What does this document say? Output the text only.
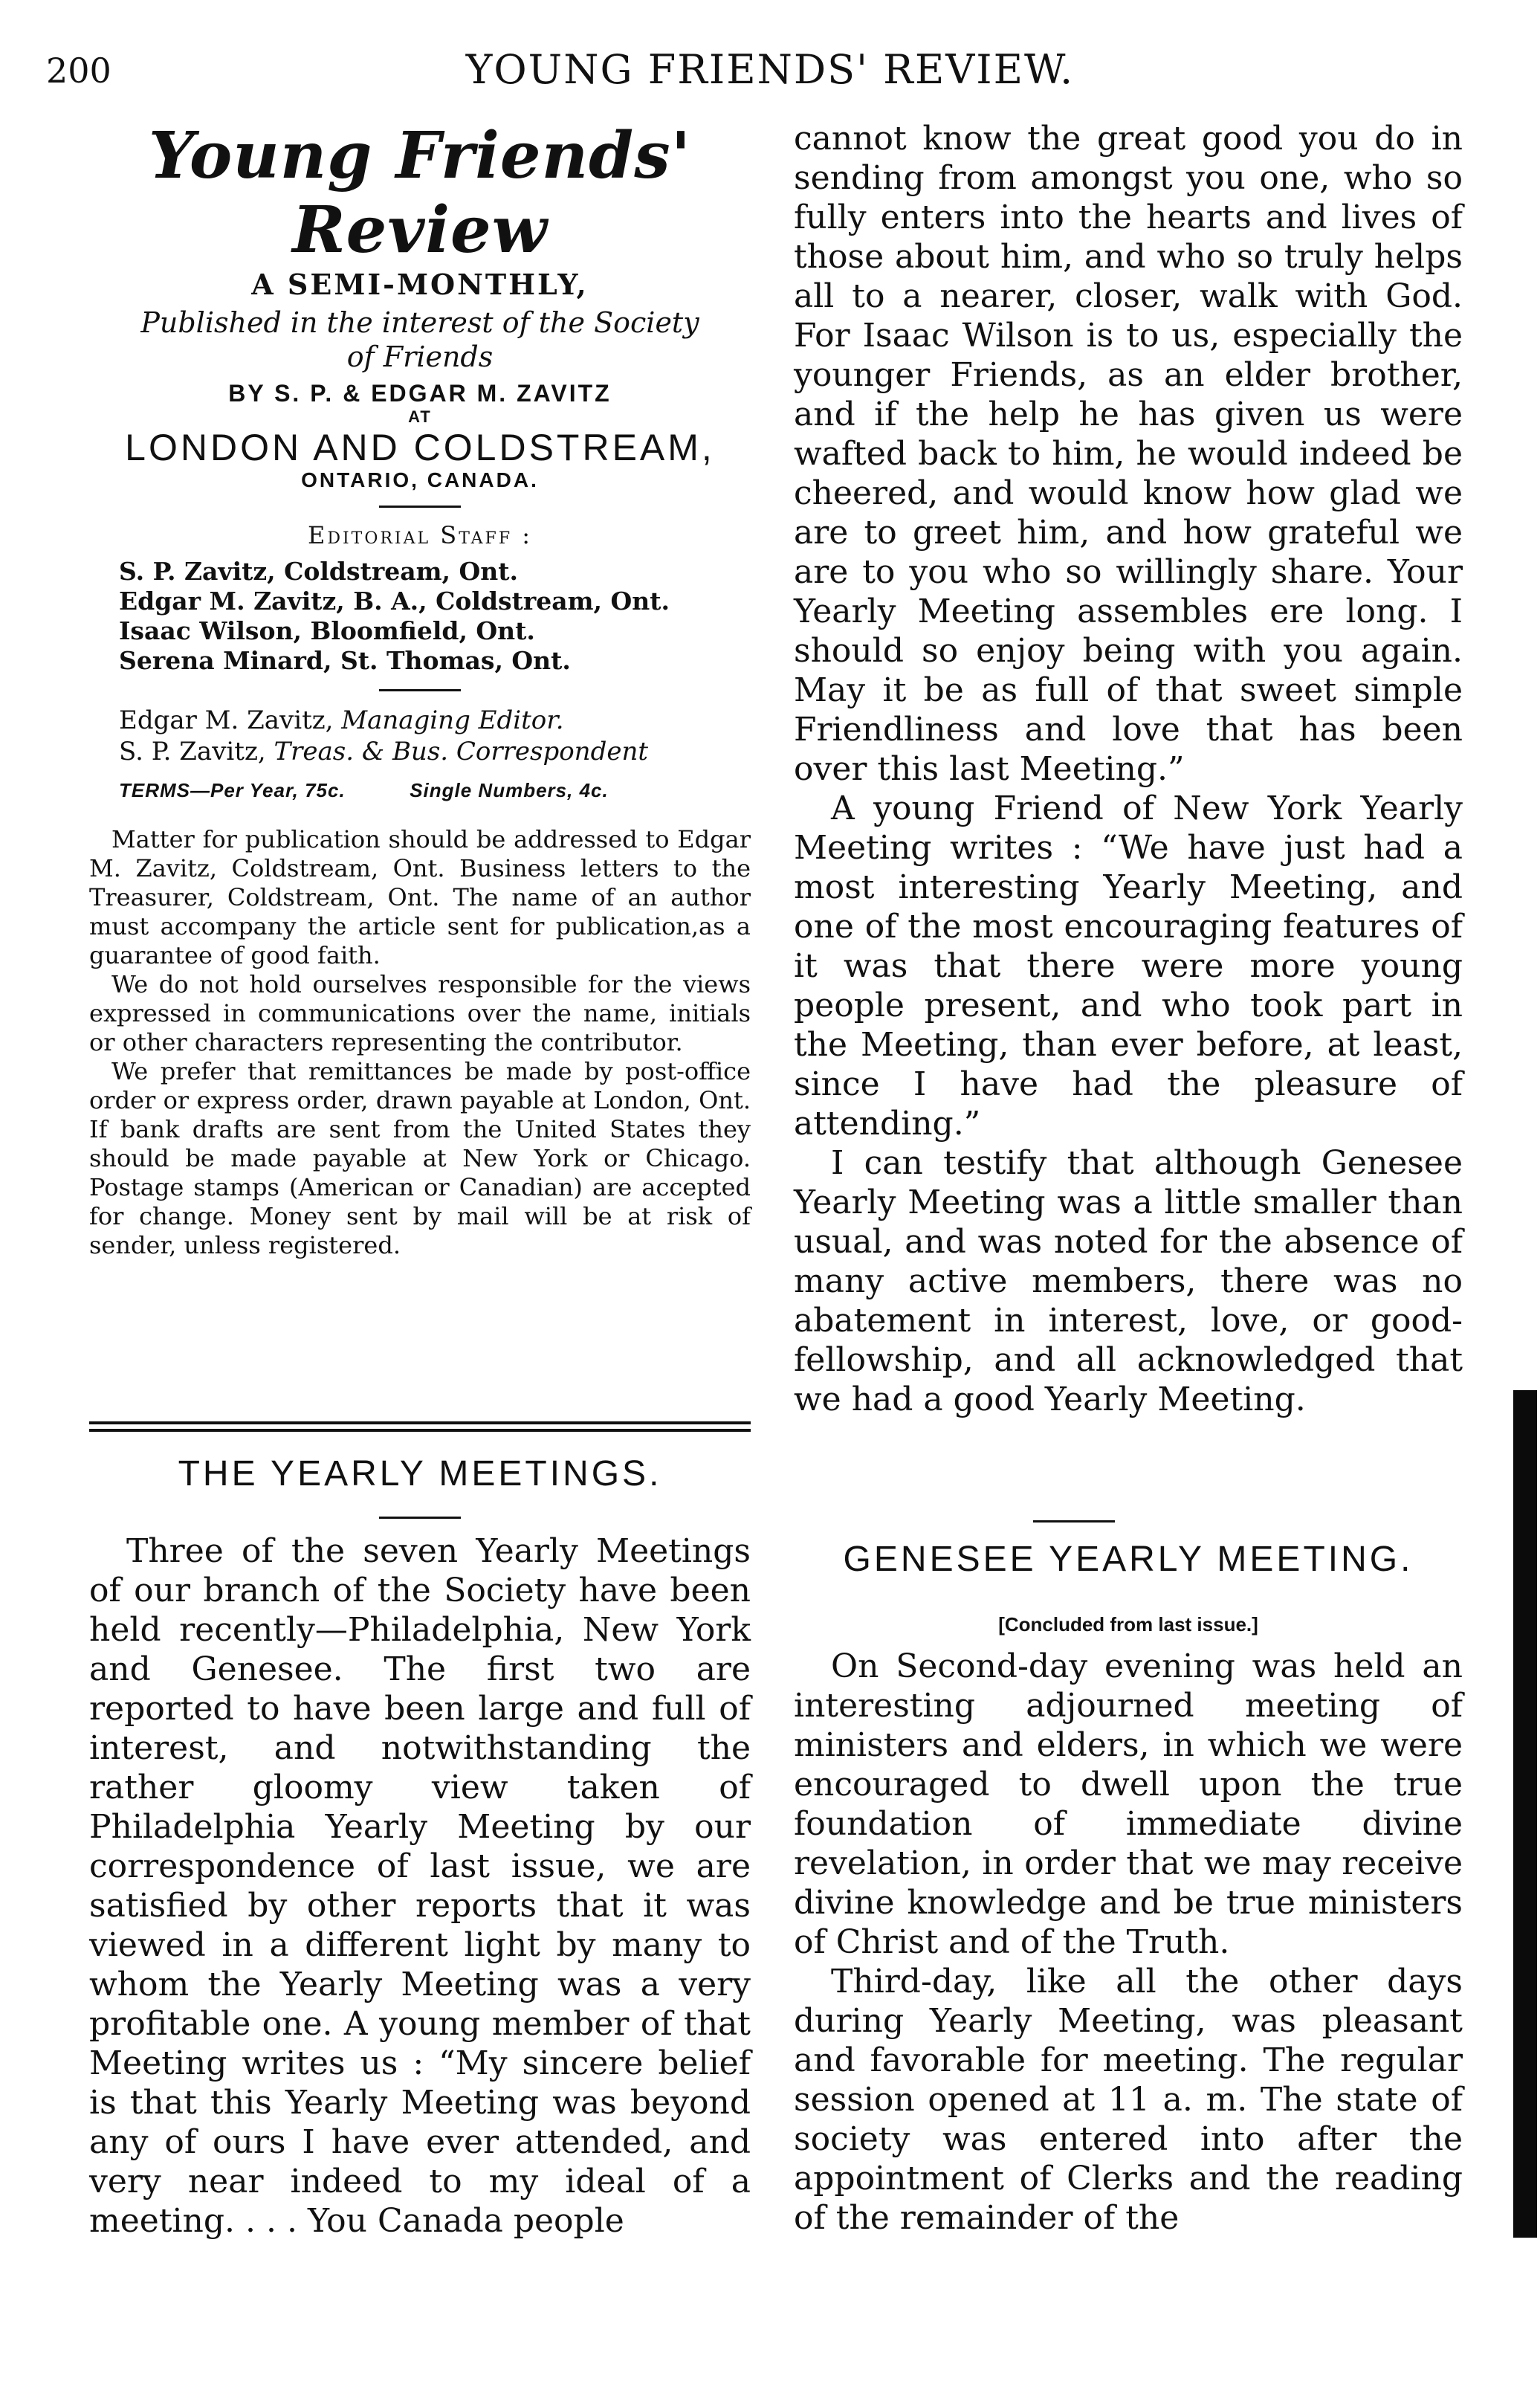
200	YOUNG FRIENDS' REVIEW.
Young Friends' Review
A SEMI-MONTHLY,
Published in the interest of the Society
of Friends
BY S. P. & EDGAR M. ZAVITZ
AT
LONDON AND COLDSTREAM,
ONTARIO, CANADA.
Editorial Staff :
S. P. Zavitz, Coldstream, Ont.
Edgar M. Zavitz, B. A., Coldstream, Ont.
Isaac Wilson, Bloomfield, Ont.
Serena Minard, St. Thomas, Ont.
Edgar M. Zavitz, Managing Editor.
S. P. Zavitz, Treas. & Bus. Correspondent
TERMS—Per Year, 75c.	Single Numbers, 4c.

Matter for publication should be addressed to Edgar M. Zavitz, Coldstream, Ont. Business letters to the Treasurer, Coldstream, Ont. The name of an author must accompany the article sent for publication,as a guarantee of good faith.

We do not hold ourselves responsible for the views expressed in communications over the name, initials or other characters representing the contributor.

We prefer that remittances be made by post-office order or express order, drawn payable at London, Ont. If bank drafts are sent from the United States they should be made payable at New York or Chicago. Postage stamps (American or Canadian) are accepted for change. Money sent by mail will be at risk of sender, unless registered.

THE YEARLY MEETINGS.

Three of the seven Yearly Meetings of our branch of the Society have been held recently—Philadelphia, New York and Genesee. The first two are reported to have been large and full of interest, and notwithstanding the rather gloomy view taken of Philadelphia Yearly Meeting by our correspondence of last issue, we are satisfied by other reports that it was viewed in a different light by many to whom the Yearly Meeting was a very profitable one. A young member of that Meeting writes us : “My sincere belief is that this Yearly Meeting was beyond any of ours I have ever attended, and very near indeed to my ideal of a meeting. . . . You Canada people

cannot know the great good you do in sending from amongst you one, who so fully enters into the hearts and lives of those about him, and who so truly helps all to a nearer, closer, walk with God. For Isaac Wilson is to us, especially the younger Friends, as an elder brother, and if the help he has given us were wafted back to him, he would indeed be cheered, and would know how glad we are to greet him, and how grateful we are to you who so willingly share. Your Yearly Meeting assembles ere long. I should so enjoy being with you again. May it be as full of that sweet simple Friendliness and love that has been over this last Meeting.”

A young Friend of New York Yearly Meeting writes : “We have just had a most interesting Yearly Meeting, and one of the most encouraging features of it was that there were more young people present, and who took part in the Meeting, than ever before, at least, since I have had the pleasure of attending.”

I can testify that although Genesee Yearly Meeting was a little smaller than usual, and was noted for the absence of many active members, there was no abatement in interest, love, or good-fellowship, and all acknowledged that we had a good Yearly Meeting.

GENESEE YEARLY MEETING.
[Concluded from last issue.]

On Second-day evening was held an interesting adjourned meeting of ministers and elders, in which we were encouraged to dwell upon the true foundation of immediate divine revelation, in order that we may receive divine knowledge and be true ministers of Christ and of the Truth.

Third-day, like all the other days during Yearly Meeting, was pleasant and favorable for meeting. The regular session opened at 11 a. m. The state of society was entered into after the appointment of Clerks and the reading of the remainder of the
